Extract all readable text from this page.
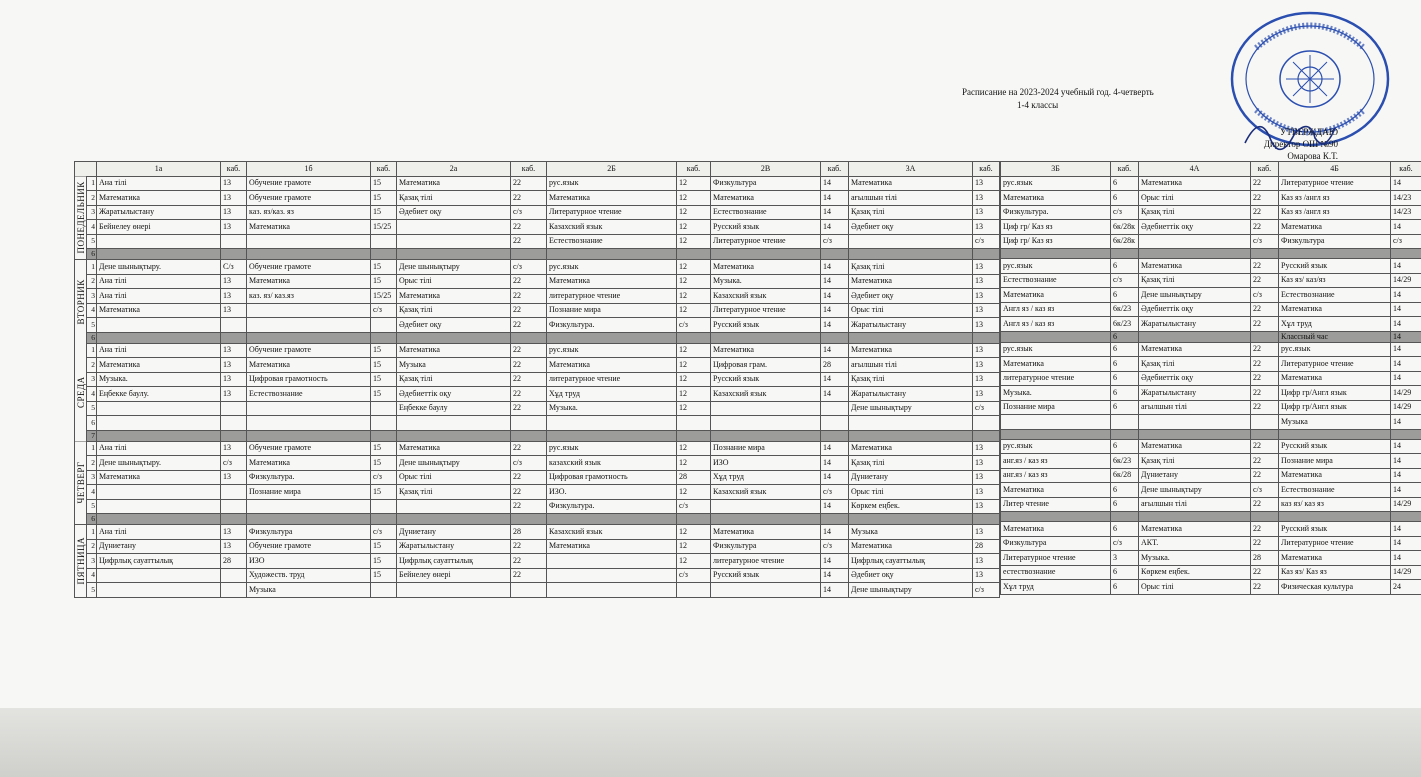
Расписание на 2023-2024 учебный год. 4-четверть
1-4 классы
УТВЕРЖДАЮ
Директор ОШ №90
Омарова К.Т.
		1а	каб.	1б	каб.	2а	каб.	2Б	каб.	2В	каб.	3А	каб.
ПОНЕДЕЛЬНИК	1	Ана тілі	13	Обучение грамоте	15	Математика	22	рус.язык	12	Физкультура	14	Математика	13
	2	Математика	13	Обучение грамоте	15	Қазақ тілі	22	Математика	12	Математика	14	ағылшын тілі	13
	3	Жаратылыстану	13	каз. яз/каз. яз	15	Әдебиет оқу	с/з	Литературное чтение	12	Естествознание	14	Қазақ тілі	13
	4	Бейнелеу өнері	13	Математика	15/25		22	Казахский язык	12	Русский язык	14	Әдебиет оқу	13
	5						22	Естествознание	12	Литературное чтение	с/з		с/з
	6												
ВТОРНИК	1	Дене шынықтыру.	С/з	Обучение грамоте	15	Дене шынықтыру	с/з	рус.язык	12	Математика	14	Қазақ тілі	13
	2	Ана тілі	13	Математика	15	Орыс тілі	22	Математика	12	Музыка.	14	Математика	13
	3	Ана тілі	13	каз. яз/ каз.яз	15/25	Математика	22	литературное чтение	12	Казахский язык	14	Әдебиет оқу	13
	4	Математика	13		с/з	Қазақ тілі	22	Познание мира	12	Литературное чтение	14	Орыс тілі	13
	5					Әдебиет оқу	22	Физкультура.	с/з	Русский язык	14	Жаратылыстану	13
	6												
СРЕДА	1	Ана тілі	13	Обучение грамоте	15	Математика	22	рус.язык	12	Математика	14	Математика	13
	2	Математика	13	Математика	15	Музыка	22	Математика	12	Цифровая грам.	28	ағылшын тілі	13
	3	Музыка.	13	Цифровая грамотность	15	Қазақ тілі	22	литературное чтение	12	Русский язык	14	Қазақ тілі	13
	4	Еңбекке баулу.	13	Естествознание	15	Әдебиеттік оқу	22	Хұд труд	12	Казахский язык	14	Жаратылыстану	13
	5					Еңбекке баулу	22	Музыка.	12			Дене шынықтыру	с/з
	6												
	7												
ЧЕТВЕРГ	1	Ана тілі	13	Обучение грамоте	15	Математика	22	рус.язык	12	Познание мира	14	Математика	13
	2	Дене шынықтыру.	с/з	Математика	15	Дене шынықтыру	с/з	казахский язык	12	ИЗО	14	Қазақ тілі	13
	3	Математика	13	Физкультура.	с/з	Орыс тілі	22	Цифровая грамотность	28	Хұд труд	14	Дүниетану	13
	4			Познание мира	15	Қазақ тілі	22	ИЗО.	12	Казахский язык	с/з	Орыс тілі	13
	5						22	Физкультура.	с/з		14	Көркем еңбек.	13
	6												
ПЯТНИЦА	1	Ана тілі	13	Физкультура	с/з	Дүниетану	28	Казахский язык	12	Математика	14	Музыка	13
	2	Дүниетану	13	Обучение грамоте	15	Жаратылыстану	22	Математика	12	Физкультура	с/з	Математика	28
	3	Цифрлық сауаттылық	28	ИЗО	15	Цифрлық сауаттылық	22		12	литературное чтение	14	Цифрлық сауаттылық	13
	4			Художеств. труд	15	Бейнелеу өнері	22		с/з	Русский язык	14	Әдебиет оқу	13
	5			Музыка							14	Дене шынықтыру	с/з
3Б	каб.	4А	каб.	4Б	каб.
рус.язык	6	Математика	22	Литературное чтение	14
Математика	6	Орыс тілі	22	Каз яз /англ яз	14/23
Физкультура.	с/з	Қазақ тілі	22	Каз яз /англ яз	14/23
Циф гр/ Каз яз	6к/28к	Әдебиеттік оқу	22	Математика	14
Циф гр/ Каз яз	6к/28к		с/з	Физкультура	с/з

рус.язык	6	Математика	22	Русский язык	14
Естествознание	с/з	Қазақ тілі	22	Каз яз/ каз/яз	14/29
Математика	6	Дене шынықтыру	с/з	Естествознание	14
Англ яз / каз яз	6к/23	Әдебиеттік оқу	22	Математика	14
Англ яз / каз яз	6к/23	Жаратылыстану	22	Хұл труд	14
	6			Классный час	14
рус.язык	6	Математика	22	рус.язык	14
Математика	6	Қазақ тілі	22	Литературное чтение	14
литературное чтение	6	Әдебиеттік оқу	22	Математика	14
Музыка.	6	Жаратылыстану	22	Цифр гр/Англ язык	14/29
Познание мира	6	ағылшын тілі	22	Цифр гр/Англ язык	14/29
				Музыка	14

рус.язык	6	Математика	22	Русский язык	14
анг.яз / каз яз	6к/23	Қазақ тілі	22	Познание мира	14
анг.яз / каз яз	6к/28	Дүниетану	22	Математика	14
Математика	6	Дене шынықтыру	с/з	Естествознание	14
Литер чтение	6	ағылшын тілі	22	каз яз/ каз яз	14/29

Математика	6	Математика	22	Русский язык	14
Физкультура	с/з	АКТ.	22	Литературное чтение	14
Литературное чтение	3	Музыка.	28	Математика	14
естествознание	6	Көркем еңбек.	22	Каз яз/ Каз яз	14/29
Хұл труд	6	Орыс тілі	22	Физическая культура	24
